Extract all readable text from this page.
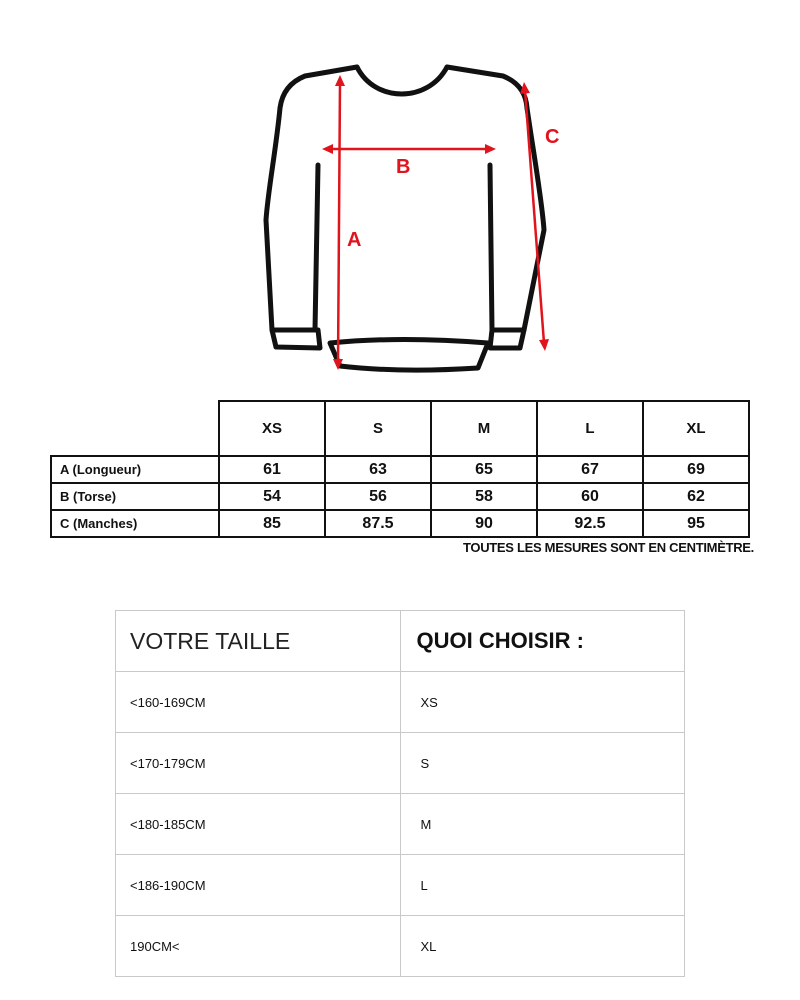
A
B
C
	XS	S	M	L	XL
A (Longueur)	61	63	65	67	69
B (Torse)	54	56	58	60	62
C (Manches)	85	87.5	90	92.5	95
TOUTES LES MESURES SONT EN CENTIMÈTRE.
VOTRE TAILLE	QUOI CHOISIR :
<160-169CM	XS
<170-179CM	S
<180-185CM	M
<186-190CM	L
190CM<	XL
